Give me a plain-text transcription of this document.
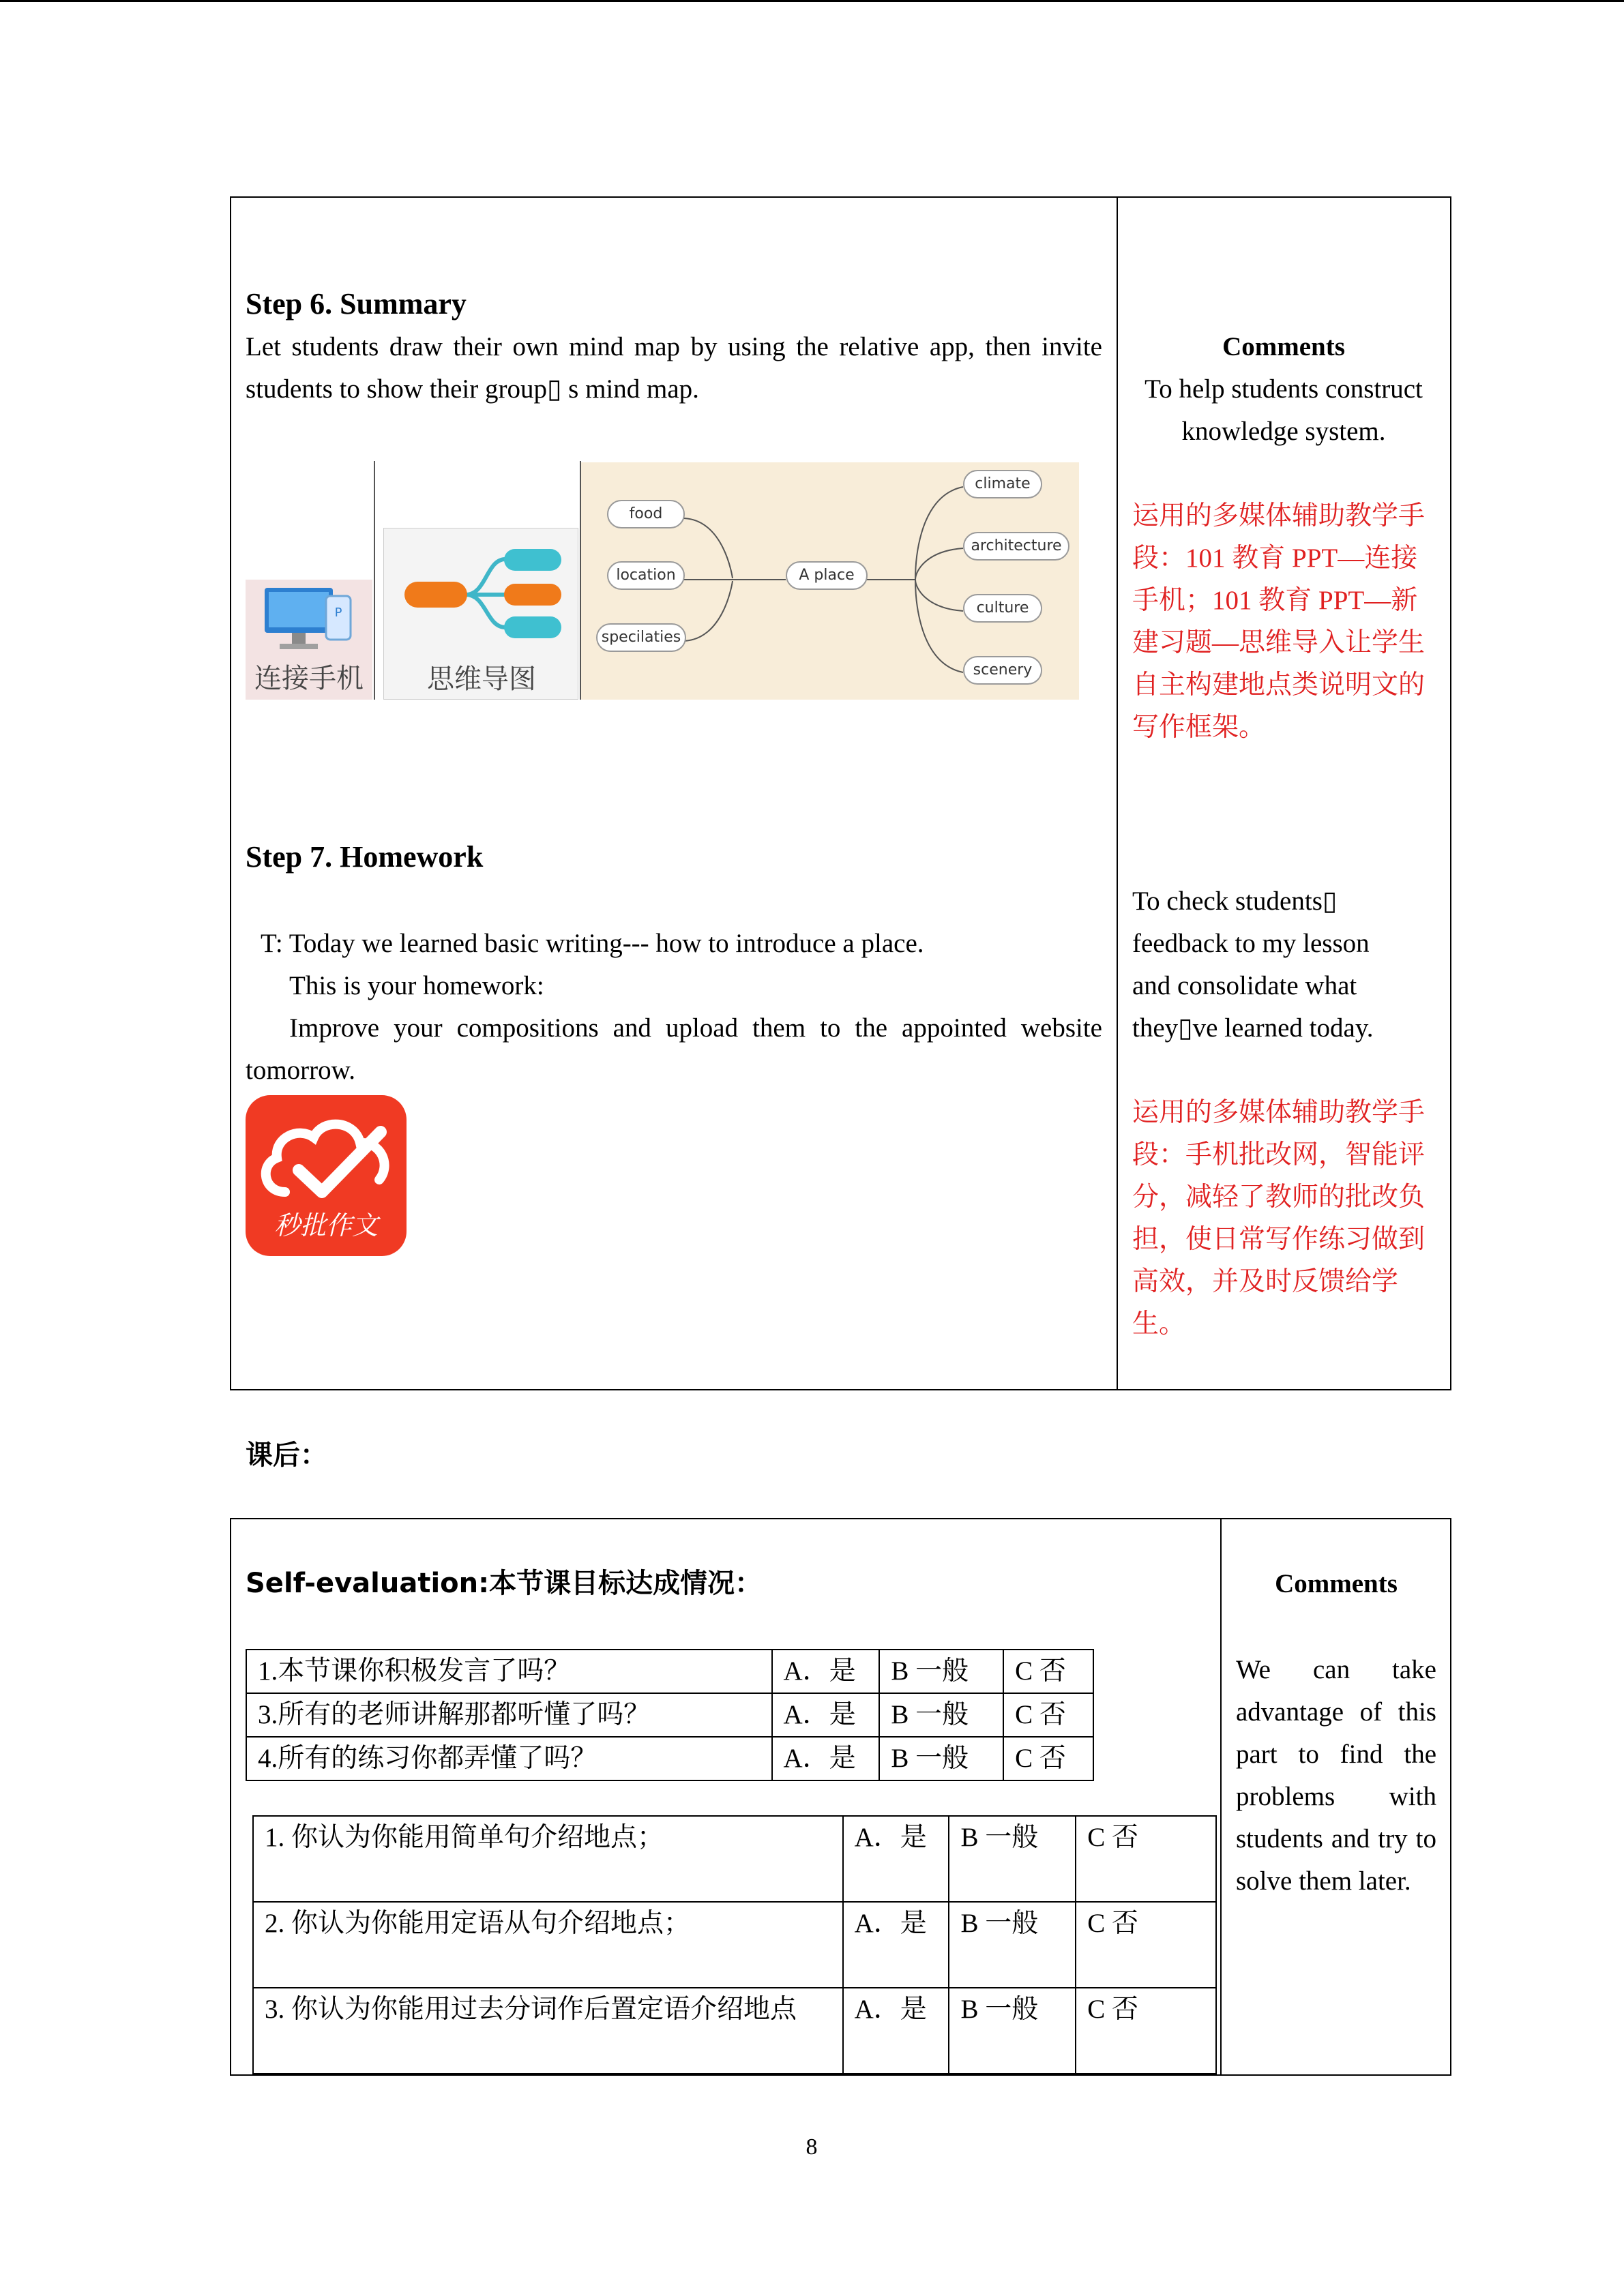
Step 6. Summary
Let students draw their own mind map by using the relative app, then invite students to show their group▯ s mind map.
Comments
To help students construct knowledge system.
运用的多媒体辅助教学手段：101 教育 PPT—连接手机；101 教育 PPT—新建习题—思维导入让学生自主构建地点类说明文的写作框架。
P
连接手机	思维导图
food
location
specilaties
A place
climate
architecture
culture
scenery
Step 7. Homework
T: Today we learned basic writing--- how to introduce a place.
This is your homework:
Improve your compositions and upload them to the appointed website tomorrow.
秒批作文
To check students▯ feedback to my lesson and consolidate what they▯ve learned today.
运用的多媒体辅助教学手段：手机批改网，智能评分，减轻了教师的批改负担，使日常写作练习做到高效，并及时反馈给学生。
课后：
Self-evaluation:本节课目标达成情况：
1.本节课你积极发言了吗？	A．是	B 一般	C 否
3.所有的老师讲解那都听懂了吗？	A．是	B 一般	C 否
4.所有的练习你都弄懂了吗？	A．是	B 一般	C 否
1. 你认为你能用简单句介绍地点；	A．是	B 一般	C 否
2. 你认为你能用定语从句介绍地点；	A．是	B 一般	C 否
3. 你认为你能用过去分词作后置定语介绍地点	A．是	B 一般	C 否
Comments
We can take advantage of this part to find the problems with students and try to solve them later.
8
